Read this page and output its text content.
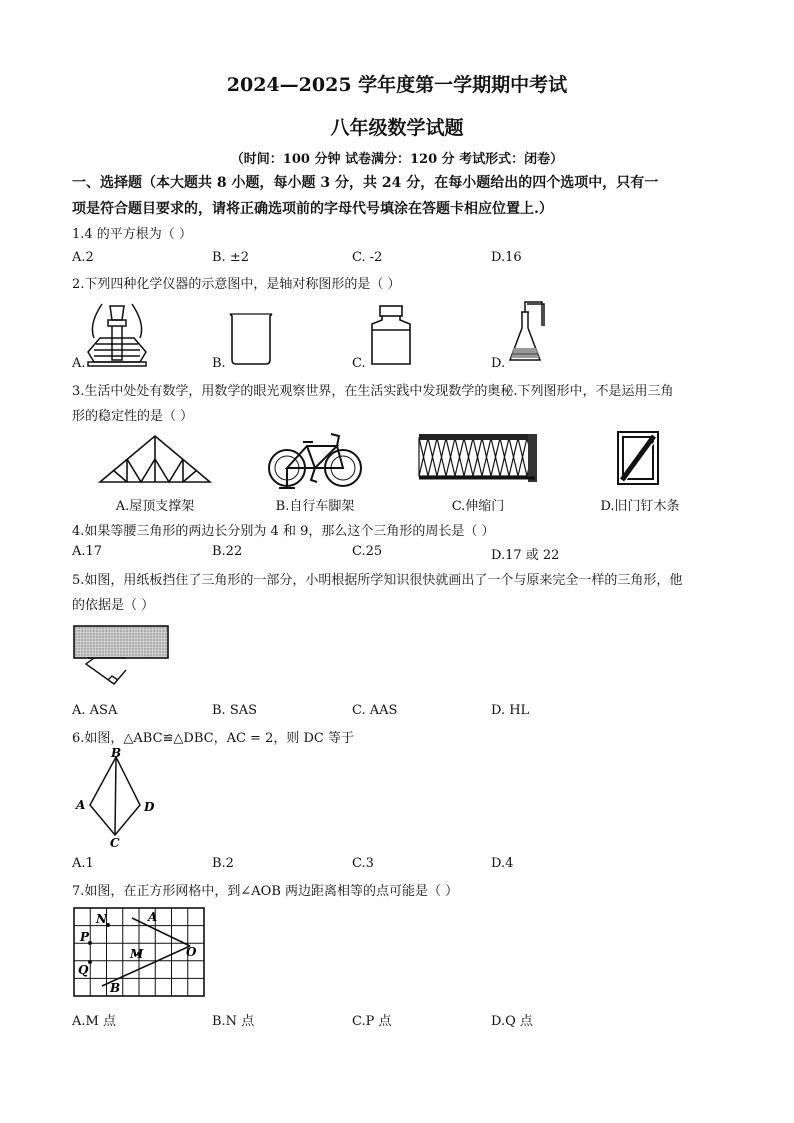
2024—2025 学年度第一学期期中考试
八年级数学试题
（时间：100 分钟 试卷满分：120 分 考试形式：闭卷）
一、选择题（本大题共 8 小题，每小题 3 分，共 24 分，在每小题给出的四个选项中，只有一
项是符合题目要求的，请将正确选项前的字母代号填涂在答题卡相应位置上.）
1.4 的平方根为（ ）
A.2	B. ±2	C. -2	D.16
2.下列四种化学仪器的示意图中，是轴对称图形的是（ ）
A.	B.	C.	D.
3.生活中处处有数学，用数学的眼光观察世界，在生活实践中发现数学的奥秘.下列图形中，不是运用三角
形的稳定性的是（ ）
A.屋顶支撑架	B.自行车脚架	C.伸缩门	D.旧门钉木条
4.如果等腰三角形的两边长分别为 4 和 9，那么这个三角形的周长是（ ）
A.17	B.22	C.25	D.17 或 22
5.如图，用纸板挡住了三角形的一部分，小明根据所学知识很快就画出了一个与原来完全一样的三角形，他
的依据是（ ）
A. ASA	B. SAS	C. AAS	D. HL
6.如图，△ABC≌△DBC，AC = 2，则 DC 等于
B
A	D
C
A.1	B.2	C.3	D.4
7.如图，在正方形网格中，到∠AOB 两边距离相等的点可能是（ ）
N	A
P
M	O
Q
B
A.M 点	B.N 点	C.P 点	D.Q 点
